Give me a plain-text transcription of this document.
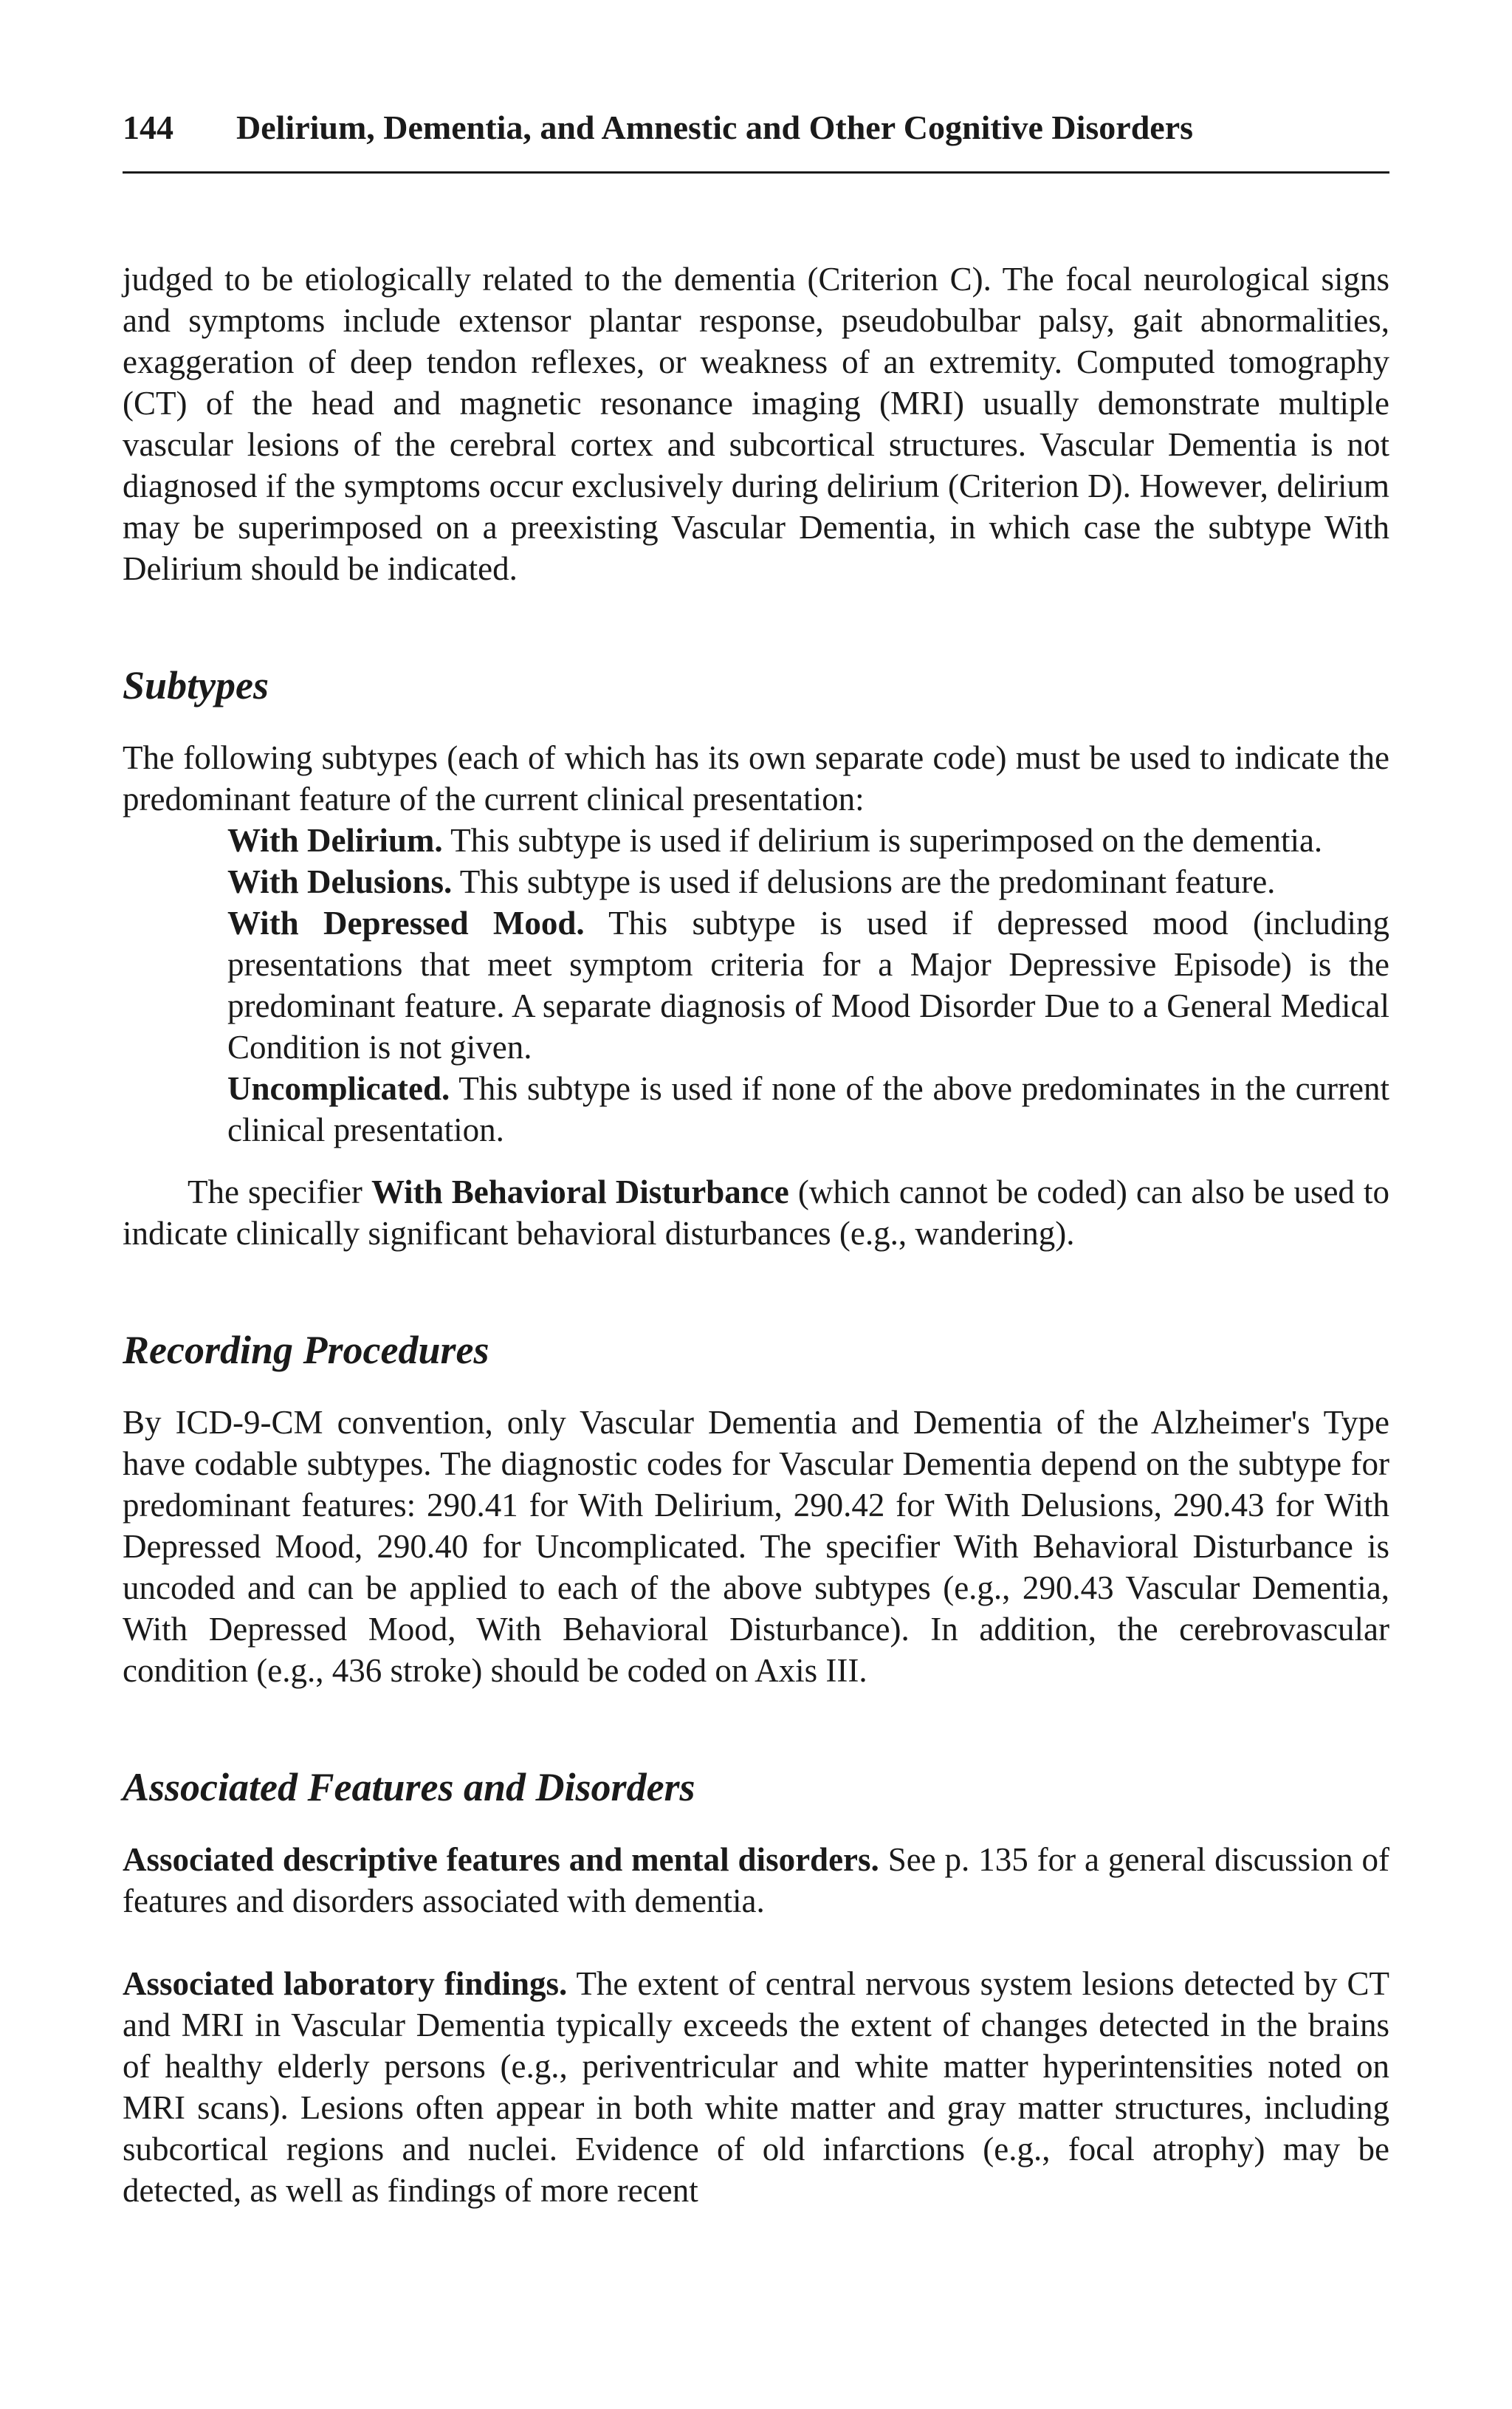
144 Delirium, Dementia, and Amnestic and Other Cognitive Disorders

judged to be etiologically related to the dementia (Criterion C). The focal neurological signs and symptoms include extensor plantar response, pseudobulbar palsy, gait abnormalities, exaggeration of deep tendon reflexes, or weakness of an extremity. Computed tomography (CT) of the head and magnetic resonance imaging (MRI) usually demonstrate multiple vascular lesions of the cerebral cortex and subcortical structures. Vascular Dementia is not diagnosed if the symptoms occur exclusively during delirium (Criterion D). However, delirium may be superimposed on a preexisting Vascular Dementia, in which case the subtype With Delirium should be indicated.

Subtypes

The following subtypes (each of which has its own separate code) must be used to indicate the predominant feature of the current clinical presentation:

With Delirium. This subtype is used if delirium is superimposed on the dementia.

With Delusions. This subtype is used if delusions are the predominant feature.

With Depressed Mood. This subtype is used if depressed mood (including presentations that meet symptom criteria for a Major Depressive Episode) is the predominant feature. A separate diagnosis of Mood Disorder Due to a General Medical Condition is not given.

Uncomplicated. This subtype is used if none of the above predominates in the current clinical presentation.

The specifier With Behavioral Disturbance (which cannot be coded) can also be used to indicate clinically significant behavioral disturbances (e.g., wandering).

Recording Procedures

By ICD-9-CM convention, only Vascular Dementia and Dementia of the Alzheimer's Type have codable subtypes. The diagnostic codes for Vascular Dementia depend on the subtype for predominant features: 290.41 for With Delirium, 290.42 for With Delusions, 290.43 for With Depressed Mood, 290.40 for Uncomplicated. The specifier With Behavioral Disturbance is uncoded and can be applied to each of the above subtypes (e.g., 290.43 Vascular Dementia, With Depressed Mood, With Behavioral Disturbance). In addition, the cerebrovascular condition (e.g., 436 stroke) should be coded on Axis III.

Associated Features and Disorders

Associated descriptive features and mental disorders. See p. 135 for a general discussion of features and disorders associated with dementia.

Associated laboratory findings. The extent of central nervous system lesions detected by CT and MRI in Vascular Dementia typically exceeds the extent of changes detected in the brains of healthy elderly persons (e.g., periventricular and white matter hyperintensities noted on MRI scans). Lesions often appear in both white matter and gray matter structures, including subcortical regions and nuclei. Evidence of old infarctions (e.g., focal atrophy) may be detected, as well as findings of more recent
